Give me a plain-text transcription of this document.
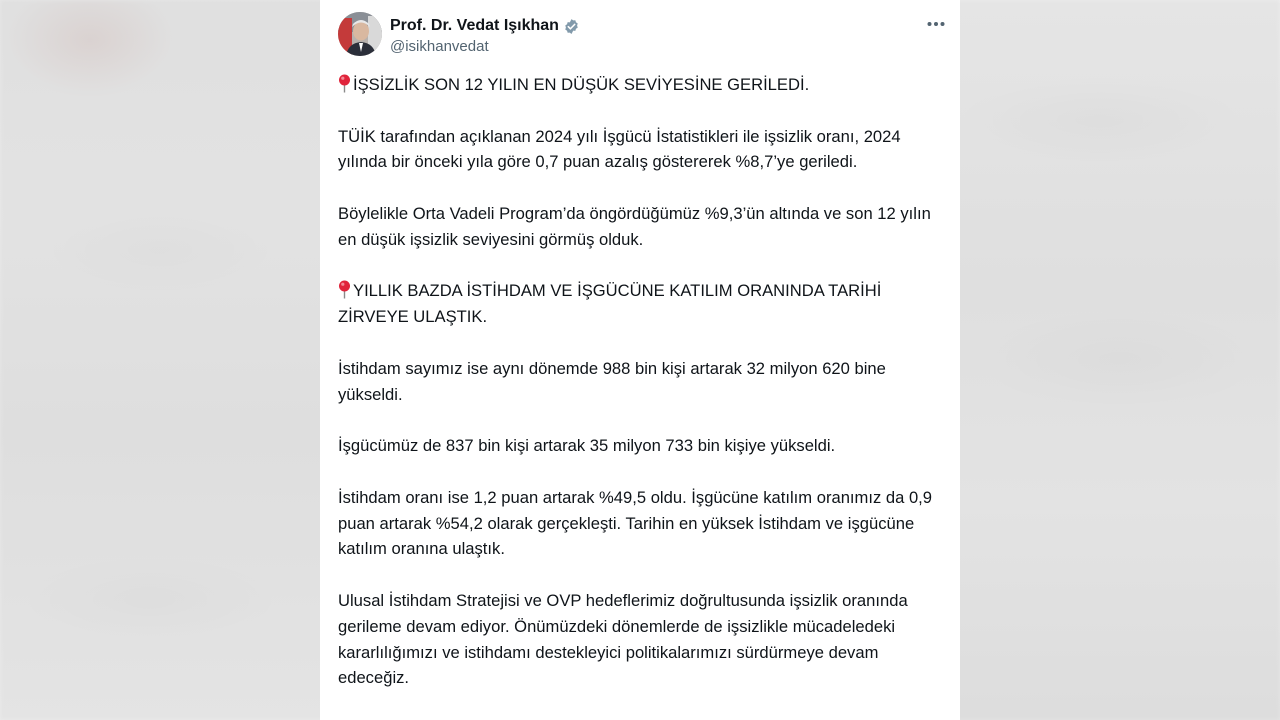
Prof. Dr. Vedat Işıkhan
@isikhanvedat

İŞSİZLİK SON 12 YILIN EN DÜŞÜK SEVİYESİNE GERİLEDİ.

TÜİK tarafından açıklanan 2024 yılı İşgücü İstatistikleri ile işsizlik oranı, 2024 yılında bir önceki yıla göre 0,7 puan azalış göstererek %8,7’ye geriledi.

Böylelikle Orta Vadeli Program’da öngördüğümüz %9,3’ün altında ve son 12 yılın en düşük işsizlik seviyesini görmüş olduk.

YILLIK BAZDA İSTİHDAM VE İŞGÜCÜNE KATILIM ORANINDA TARİHİ ZİRVEYE ULAŞTIK.

İstihdam sayımız ise aynı dönemde 988 bin kişi artarak 32 milyon 620 bine yükseldi.

İşgücümüz de 837 bin kişi artarak 35 milyon 733 bin kişiye yükseldi.

İstihdam oranı ise 1,2 puan artarak %49,5 oldu. İşgücüne katılım oranımız da 0,9 puan artarak %54,2 olarak gerçekleşti. Tarihin en yüksek İstihdam ve işgücüne katılım oranına ulaştık.

Ulusal İstihdam Stratejisi ve OVP hedeflerimiz doğrultusunda işsizlik oranında gerileme devam ediyor. Önümüzdeki dönemlerde de işsizlikle mücadeledeki kararlılığımızı ve istihdamı destekleyici politikalarımızı sürdürmeye devam edeceğiz.
